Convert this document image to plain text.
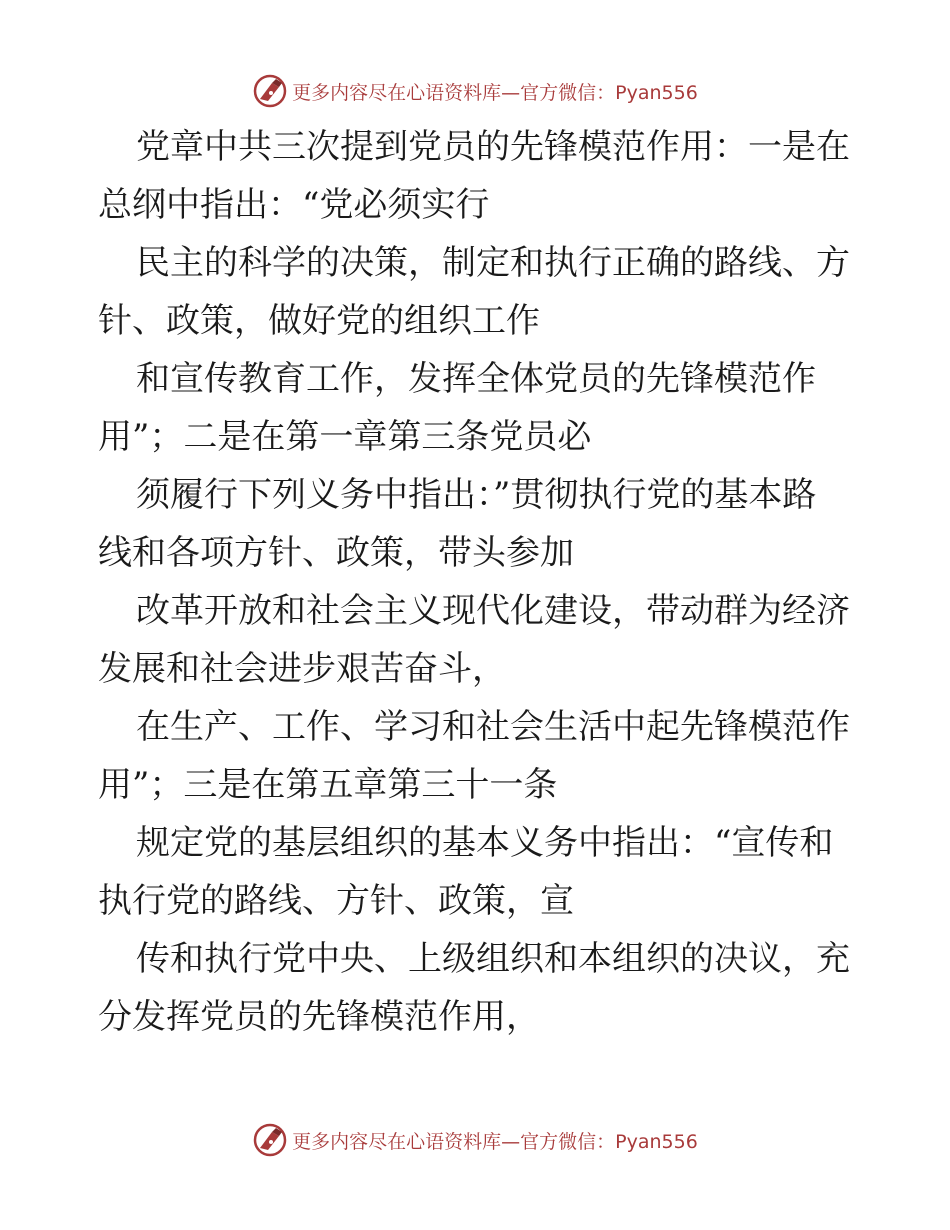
更多内容尽在心语资料库—官方微信：Pyan556

党章中共三次提到党员的先锋模范作用：一是在
总纲中指出：“党必须实行

民主的科学的决策，制定和执行正确的路线、方
针、政策，做好党的组织工作

和宣传教育工作，发挥全体党员的先锋模范作
用”；二是在第一章第三条党员必

须履行下列义务中指出：”贯彻执行党的基本路
线和各项方针、政策，带头参加

改革开放和社会主义现代化建设，带动群为经济
发展和社会进步艰苦奋斗，

在生产、工作、学习和社会生活中起先锋模范作
用”；三是在第五章第三十一条

规定党的基层组织的基本义务中指出：“宣传和
执行党的路线、方针、政策，宣

传和执行党中央、上级组织和本组织的决议，充
分发挥党员的先锋模范作用，

更多内容尽在心语资料库—官方微信：Pyan556
